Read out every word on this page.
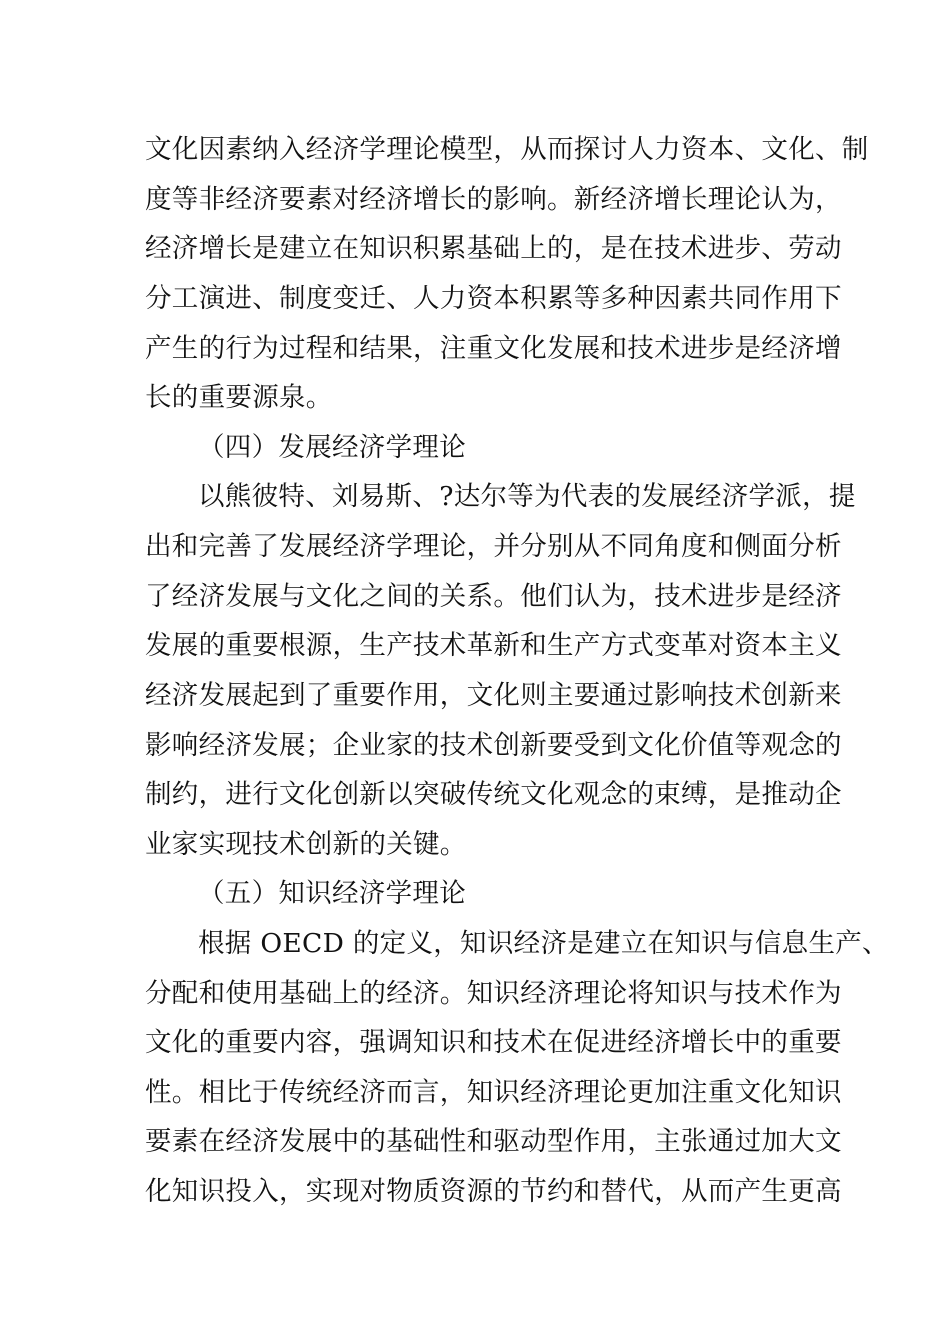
文化因素纳入经济学理论模型，从而探讨人力资本、文化、制
度等非经济要素对经济增长的影响。新经济增长理论认为，
经济增长是建立在知识积累基础上的，是在技术进步、劳动
分工演进、制度变迁、人力资本积累等多种因素共同作用下
产生的行为过程和结果，注重文化发展和技术进步是经济增
长的重要源泉。
（四）发展经济学理论
以熊彼特、刘易斯、?达尔等为代表的发展经济学派，提
出和完善了发展经济学理论，并分别从不同角度和侧面分析
了经济发展与文化之间的关系。他们认为，技术进步是经济
发展的重要根源，生产技术革新和生产方式变革对资本主义
经济发展起到了重要作用，文化则主要通过影响技术创新来
影响经济发展；企业家的技术创新要受到文化价值等观念的
制约，进行文化创新以突破传统文化观念的束缚，是推动企
业家实现技术创新的关键。
（五）知识经济学理论
根据 OECD 的定义，知识经济是建立在知识与信息生产、
分配和使用基础上的经济。知识经济理论将知识与技术作为
文化的重要内容，强调知识和技术在促进经济增长中的重要
性。相比于传统经济而言，知识经济理论更加注重文化知识
要素在经济发展中的基础性和驱动型作用，主张通过加大文
化知识投入，实现对物质资源的节约和替代，从而产生更高
